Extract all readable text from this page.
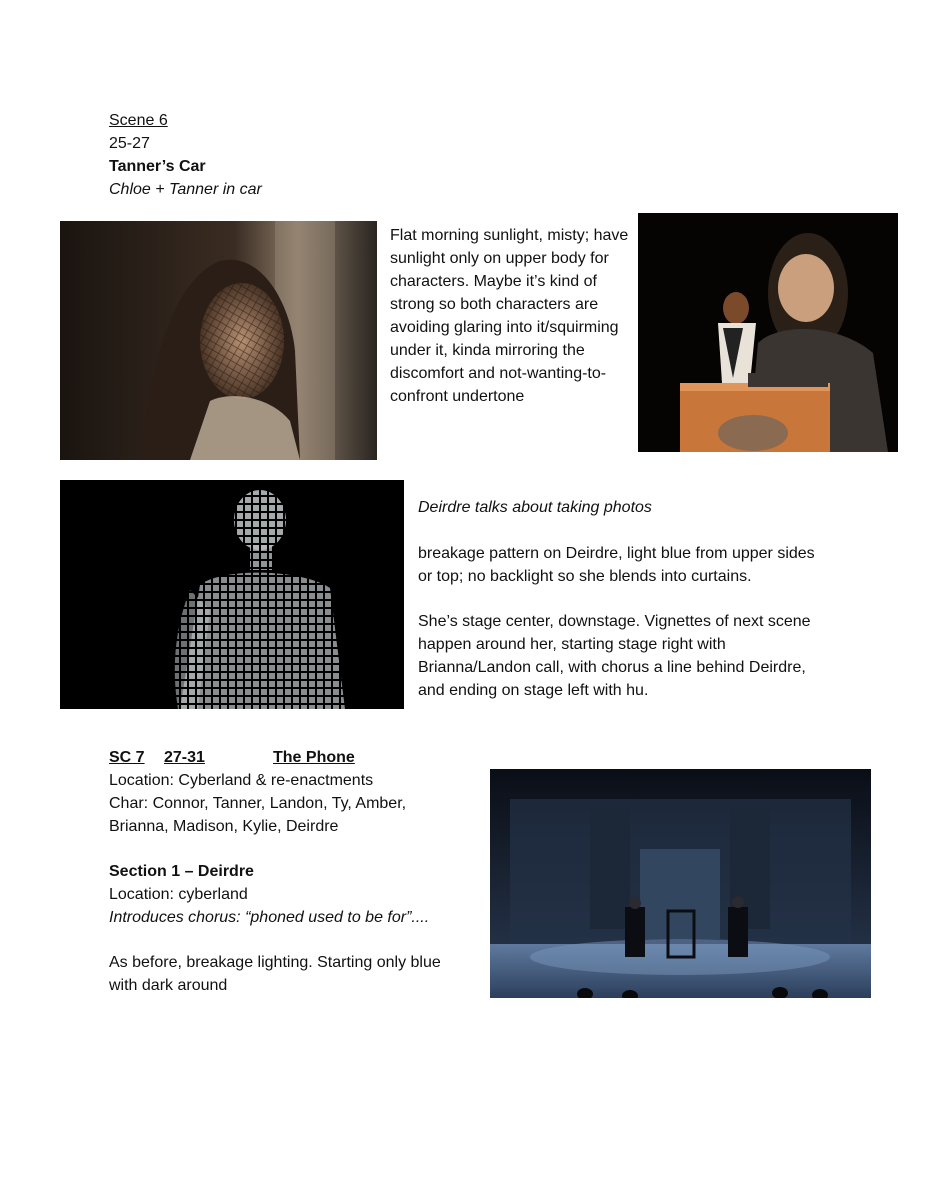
Scene 6
25-27
Tanner’s Car
Chloe + Tanner in car
Flat morning sunlight, misty; have sunlight only on upper body for characters. Maybe it’s kind of strong so both characters are avoiding glaring into it/squirming under it, kinda mirroring the discomfort and not-wanting-to-confront undertone
Deirdre talks about taking photos
breakage pattern on Deirdre, light blue from upper sides or top; no backlight so she blends into curtains.
She’s stage center, downstage. Vignettes of next scene happen around her, starting stage right with Brianna/Landon call, with chorus a line behind Deirdre, and ending on stage left with hu.
SC 7 27-31	The Phone
Location: Cyberland & re-enactments
Char: Connor, Tanner, Landon, Ty, Amber, Brianna, Madison, Kylie, Deirdre
Section 1 – Deirdre
Location: cyberland
Introduces chorus: “phoned used to be for”....
As before, breakage lighting. Starting only blue with dark around
